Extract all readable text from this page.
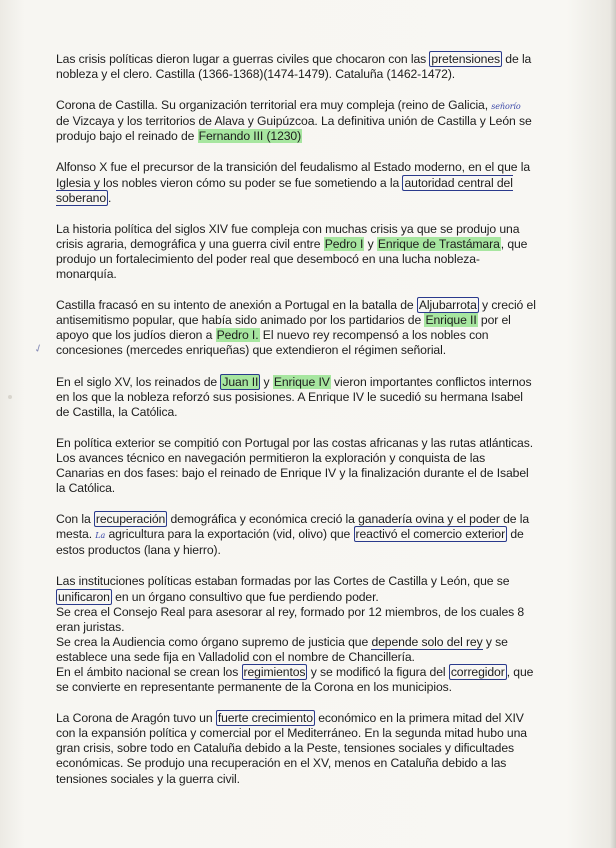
✓

Las crisis políticas dieron lugar a guerras civiles que chocaron con las pretensiones de la nobleza y el clero. Castilla (1366-1368)(1474-1479). Cataluña (1462-1472).

Corona de Castilla. Su organización territorial era muy compleja (reino de Galicia, señorío de Vizcaya y los territorios de Alava y Guipúzcoa. La definitiva unión de Castilla y León se produjo bajo el reinado de Fernando III (1230)

Alfonso X fue el precursor de la transición del feudalismo al Estado moderno, en el que la Iglesia y los nobles vieron cómo su poder se fue sometiendo a la autoridad central del soberano .

La historia política del siglos XIV fue compleja con muchas crisis ya que se produjo una crisis agraria, demográfica y una guerra civil entre Pedro I y Enrique de Trastámara, que produjo un fortalecimiento del poder real que desembocó en una lucha nobleza-monarquía.

Castilla fracasó en su intento de anexión a Portugal en la batalla de Aljubarrota y creció el antisemitismo popular, que había sido animado por los partidarios de Enrique II por el apoyo que los judíos dieron a Pedro I. El nuevo rey recompensó a los nobles con concesiones (mercedes enriqueñas) que extendieron el régimen señorial.

En el siglo XV, los reinados de Juan II y Enrique IV vieron importantes conflictos internos en los que la nobleza reforzó sus posisiones. A Enrique IV le sucedió su hermana Isabel de Castilla, la Católica.

En política exterior se compitió con Portugal por las costas africanas y las rutas atlánticas. Los avances técnico en navegación permitieron la exploración y conquista de las Canarias en dos fases: bajo el reinado de Enrique IV y la finalización durante el de Isabel la Católica.

Con la recuperación demográfica y económica creció la ganadería ovina y el poder de la mesta. La agricultura para la exportación (vid, olivo) que reactivó el comercio exterior de estos productos (lana y hierro).

Las instituciones políticas estaban formadas por las Cortes de Castilla y León, que se unificaron en un órgano consultivo que fue perdiendo poder.
Se crea el Consejo Real para asesorar al rey, formado por 12 miembros, de los cuales 8 eran juristas.
Se crea la Audiencia como órgano supremo de justicia que depende solo del rey y se establece una sede fija en Valladolid con el nombre de Chancillería.
En el ámbito nacional se crean los regimientos y se modificó la figura del corregidor , que se convierte en representante permanente de la Corona en los municipios.

La Corona de Aragón tuvo un fuerte crecimiento económico en la primera mitad del XIV con la expansión política y comercial por el Mediterráneo. En la segunda mitad hubo una gran crisis, sobre todo en Cataluña debido a la Peste, tensiones sociales y dificultades económicas. Se produjo una recuperación en el XV, menos en Cataluña debido a las tensiones sociales y la guerra civil.
